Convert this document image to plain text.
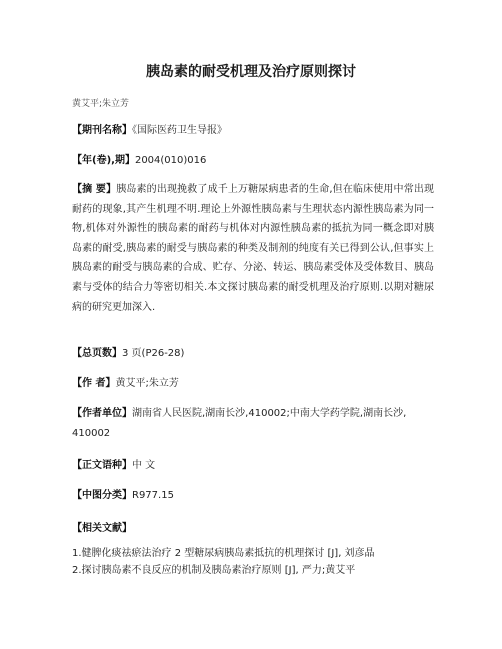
胰岛素的耐受机理及治疗原则探讨
黄艾平;朱立芳
【期刊名称】《国际医药卫生导报》
【年(卷),期】2004(010)016
【摘 要】胰岛素的出现挽救了成千上万糖尿病患者的生命,但在临床使用中常出现耐药的现象,其产生机理不明.理论上外源性胰岛素与生理状态内源性胰岛素为同一物,机体对外源性的胰岛素的耐药与机体对内源性胰岛素的抵抗为同一概念即对胰岛素的耐受,胰岛素的耐受与胰岛素的种类及制剂的纯度有关已得到公认,但事实上胰岛素的耐受与胰岛素的合成、贮存、分泌、转运、胰岛素受体及受体数目、胰岛素与受体的结合力等密切相关.本文探讨胰岛素的耐受机理及治疗原则.以期对糖尿病的研究更加深入.
【总页数】3 页(P26-28)
【作 者】黄艾平;朱立芳
【作者单位】湖南省人民医院,湖南长沙,410002;中南大学药学院,湖南长沙,410002
【正文语种】中 文
【中图分类】R977.15
【相关文献】
1.健脾化痰祛瘀法治疗 2 型糖尿病胰岛素抵抗的机理探讨 [J], 刘彦晶
2.探讨胰岛素不良反应的机制及胰岛素治疗原则 [J], 严力;黄艾平
